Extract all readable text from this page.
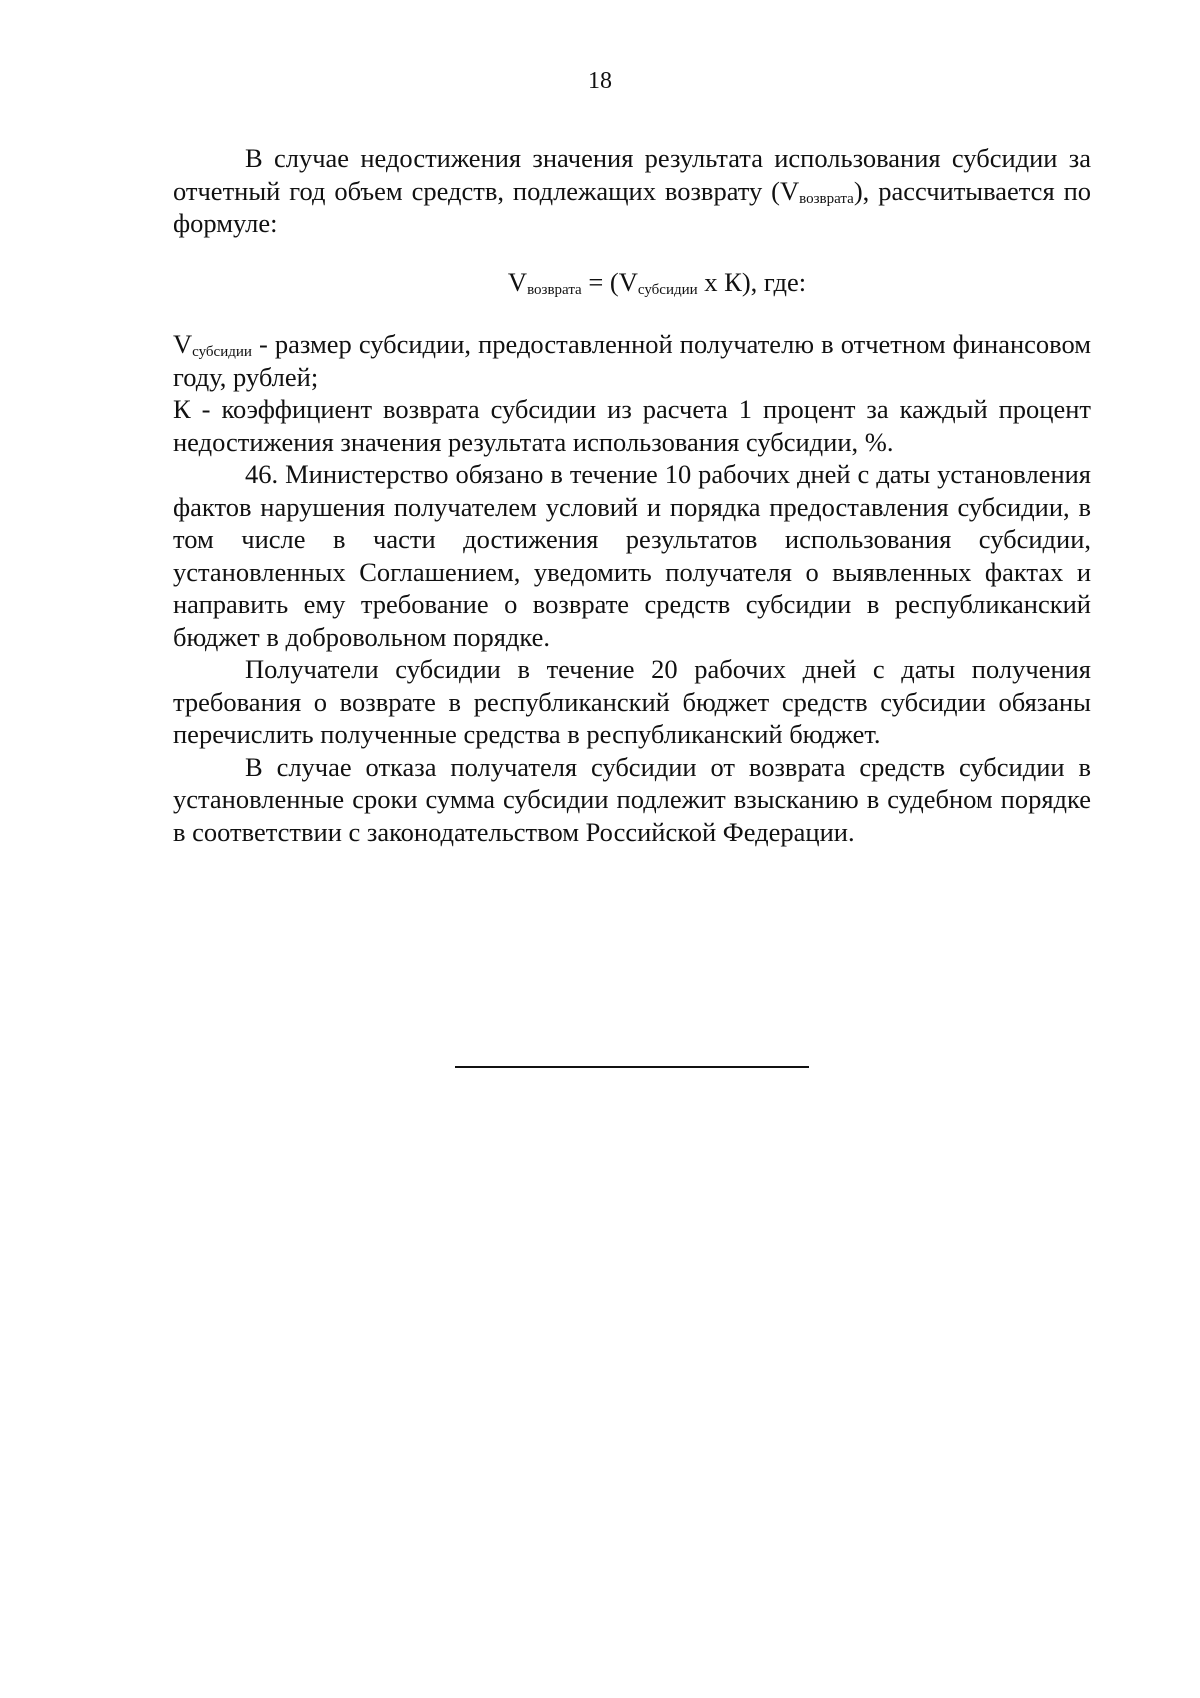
18

В случае недостижения значения результата использования субсидии за отчетный год объем средств, подлежащих возврату $(V_{возврата})$, рассчитывается по формуле:

$V_{возврата} = (V_{субсидии}$ x К), где:

$V_{субсидии}$ - размер субсидии, предоставленной получателю в отчетном финансовом году, рублей;

К - коэффициент возврата субсидии из расчета 1 процент за каждый процент недостижения значения результата использования субсидии, %.

46. Министерство обязано в течение 10 рабочих дней с даты установления фактов нарушения получателем условий и порядка предоставления субсидии, в том числе в части достижения результатов использования субсидии, установленных Соглашением, уведомить получателя о выявленных фактах и направить ему требование о возврате средств субсидии в республиканский бюджет в добровольном порядке.

Получатели субсидии в течение 20 рабочих дней с даты получения требования о возврате в республиканский бюджет средств субсидии обязаны перечислить полученные средства в республиканский бюджет.

В случае отказа получателя субсидии от возврата средств субсидии в установленные сроки сумма субсидии подлежит взысканию в судебном порядке в соответствии с законодательством Российской Федерации.
